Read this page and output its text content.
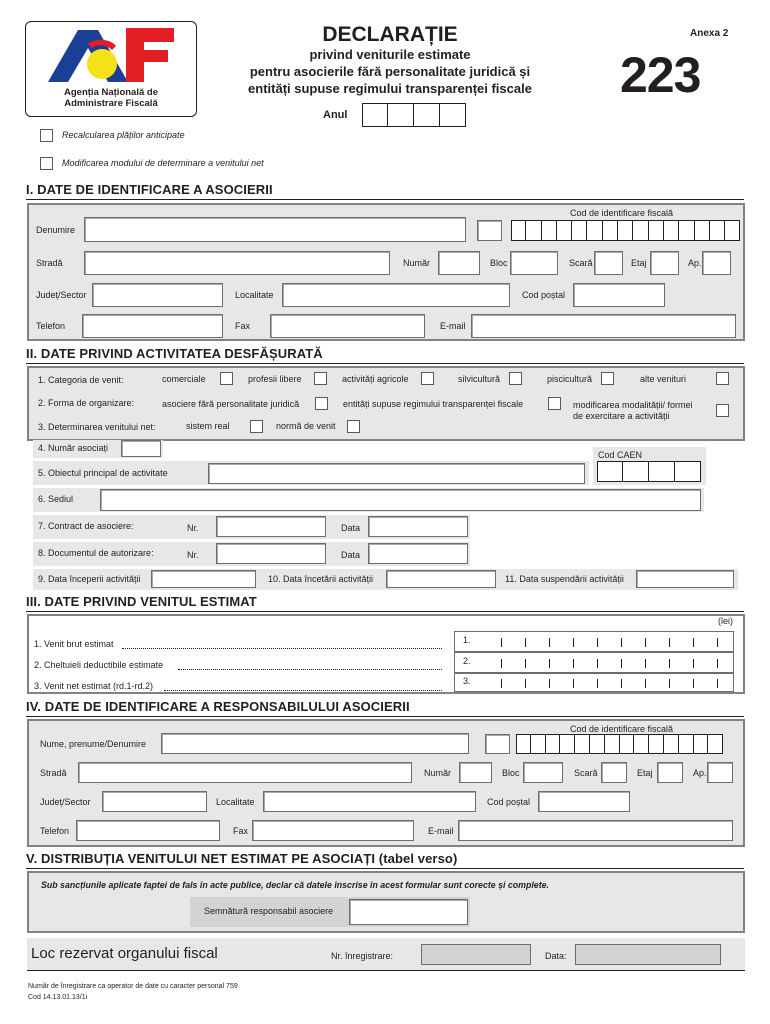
Agenția Națională de
Administrare Fiscală
DECLARAȚIE
privind veniturile estimate
pentru asocierile fără personalitate juridică și
entități supuse regimului transparenței fiscale
Anexa 2
223
Anul
Recalcularea plăților anticipate
Modificarea modului de determinare a venitului net
I. DATE DE IDENTIFICARE A ASOCIERII
Cod de identificare fiscală
Denumire
Stradă	Număr	Bloc	Scară	Etaj	Ap.
Județ/Sector	Localitate	Cod poștal
Telefon	Fax	E-mail
II. DATE PRIVIND ACTIVITATEA DESFĂȘURATĂ
1. Categoria de venit:	comerciale	profesii libere	activități agricole	silvicultură	piscicultură	alte venituri
2. Forma de organizare:	asociere fără personalitate juridică	entități supuse regimului transparenței fiscale	modificarea modalității/ formei
de exercitare a activității
3. Determinarea venitului net:	sistem real	normă de venit
4. Număr asociați
Cod CAEN
5. Obiectul principal de activitate
6. Sediul
7. Contract de asociere:	Nr.	Data
8. Documentul de autorizare:	Nr.	Data
9. Data începerii activității	10. Data încetării activității	11. Data suspendării activității
III. DATE PRIVIND VENITUL ESTIMAT
(lei)
1. Venit brut estimat	1.
2. Cheltuieli deductibile estimate	2.
3. Venit net estimat (rd.1-rd.2)	3.
IV. DATE DE IDENTIFICARE A RESPONSABILULUI ASOCIERII
Cod de identificare fiscală
Nume, prenume/Denumire
Stradă	Număr	Bloc	Scară	Etaj	Ap.
Județ/Sector	Localitate	Cod poștal
Telefon	Fax	E-mail
V. DISTRIBUȚIA VENITULUI NET ESTIMAT PE ASOCIAȚI (tabel verso)
Sub sancțiunile aplicate faptei de fals în acte publice, declar că datele înscrise în acest formular sunt corecte și complete.
Semnătură responsabil asociere
Loc rezervat organului fiscal	Nr. înregistrare:	Data:
Număr de înregistrare ca operator de date cu caracter personal 759
Cod 14.13.01.13/1i
